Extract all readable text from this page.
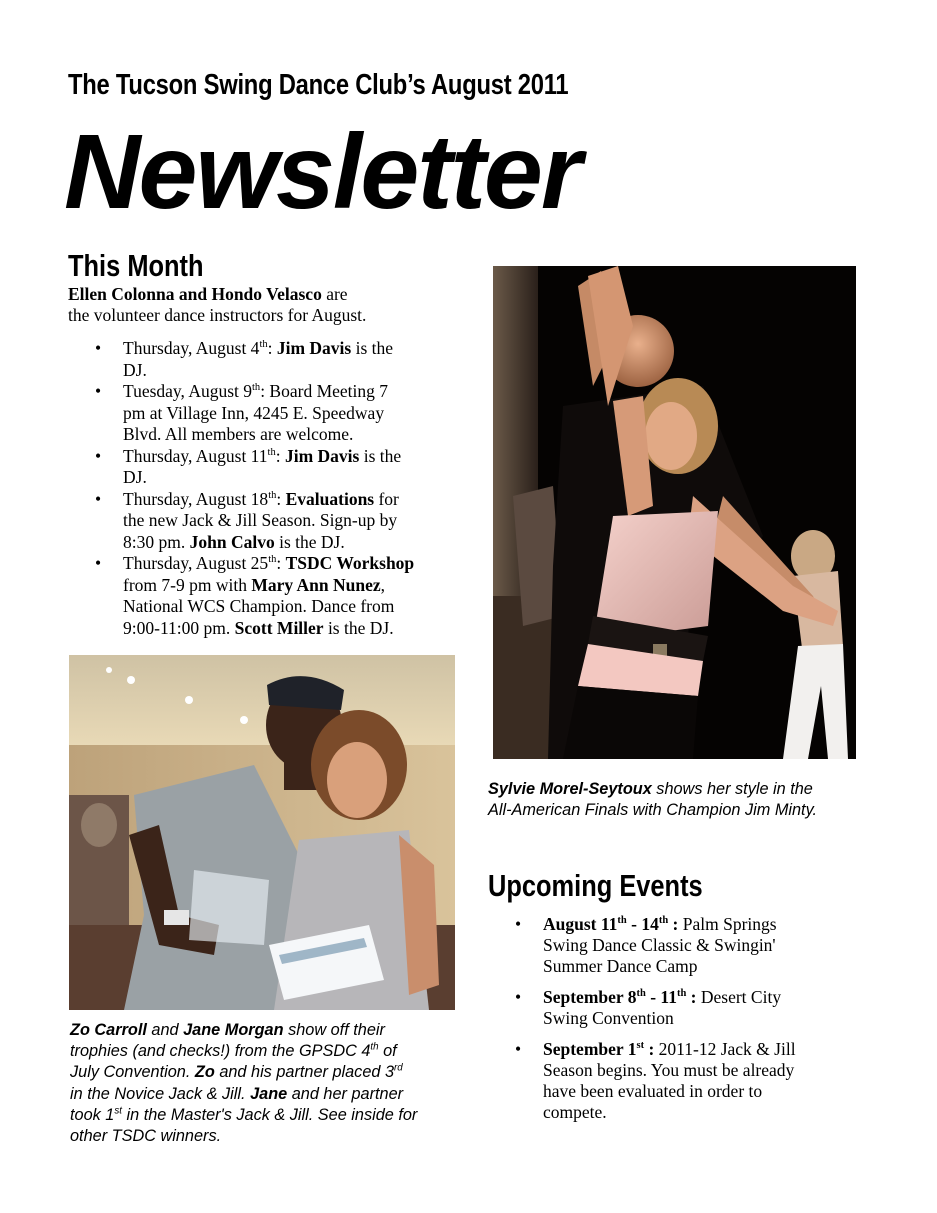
The Tucson Swing Dance Club’s August 2011
Newsletter
This Month
Ellen Colonna and Hondo Velasco are
the volunteer dance instructors for August.
• Thursday, August 4th: Jim Davis is the
DJ.
• Tuesday, August 9th: Board Meeting 7
pm at Village Inn, 4245 E. Speedway
Blvd. All members are welcome.
• Thursday, August 11th: Jim Davis is the
DJ.
• Thursday, August 18th: Evaluations for
the new Jack & Jill Season. Sign-up by
8:30 pm. John Calvo is the DJ.
• Thursday, August 25th: TSDC Workshop
from 7-9 pm with Mary Ann Nunez,
National WCS Champion. Dance from
9:00-11:00 pm. Scott Miller is the DJ.
Sylvie Morel-Seytoux shows her style in the
All-American Finals with Champion Jim Minty.
Zo Carroll and Jane Morgan show off their
trophies (and checks!) from the GPSDC 4th of
July Convention. Zo and his partner placed 3rd
in the Novice Jack & Jill. Jane and her partner
took 1st in the Master's Jack & Jill. See inside for
other TSDC winners.
Upcoming Events
• August 11th - 14th : Palm Springs
Swing Dance Classic & Swingin'
Summer Dance Camp
• September 8th - 11th : Desert City
Swing Convention
• September 1st : 2011-12 Jack & Jill
Season begins. You must be already
have been evaluated in order to
compete.
